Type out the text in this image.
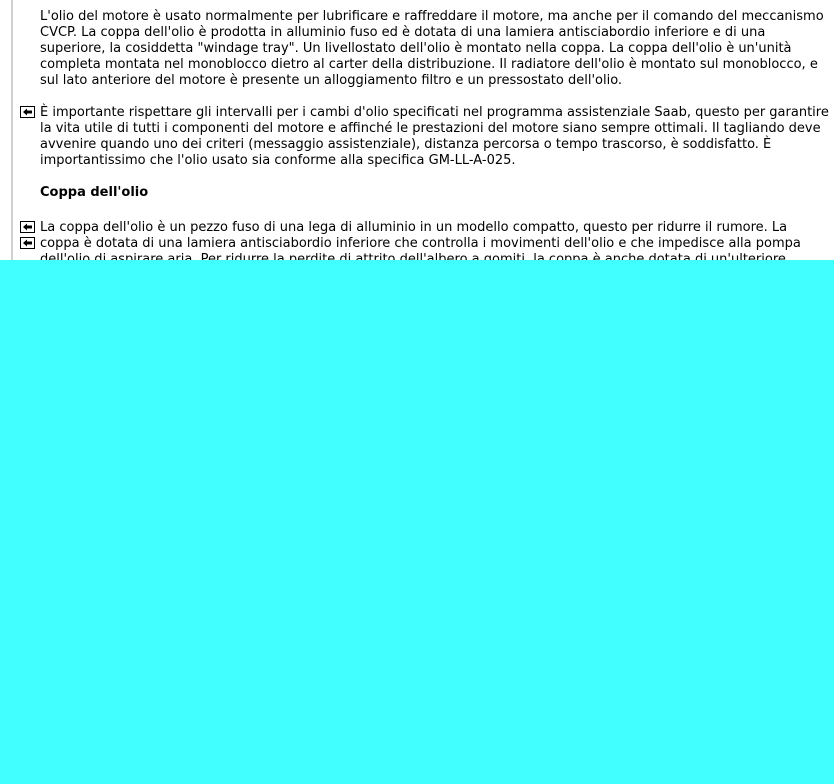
L'olio del motore è usato normalmente per lubrificare e raffreddare il motore, ma anche per il comando del meccanismo CVCP. La coppa dell'olio è prodotta in alluminio fuso ed è dotata di una lamiera antisciabordio inferiore e di una superiore, la cosiddetta "windage tray". Un livellostato dell'olio è montato nella coppa. La coppa dell'olio è un'unità completa montata nel monoblocco dietro al carter della distribuzione. Il radiatore dell'olio è montato sul monoblocco, e sul lato anteriore del motore è presente un alloggiamento filtro e un pressostato dell'olio.

È importante rispettare gli intervalli per i cambi d'olio specificati nel programma assistenziale Saab, questo per garantire la vita utile di tutti i componenti del motore e affinché le prestazioni del motore siano sempre ottimali. Il tagliando deve avvenire quando uno dei criteri (messaggio assistenziale), distanza percorsa o tempo trascorso, è soddisfatto. È importantissimo che l'olio usato sia conforme alla specifica GM-LL-A-025.

Coppa dell'olio

La coppa dell'olio è un pezzo fuso di una lega di alluminio in un modello compatto, questo per ridurre il rumore. La coppa è dotata di una lamiera antisciabordio inferiore che controlla i movimenti dell'olio e che impedisce alla pompa
